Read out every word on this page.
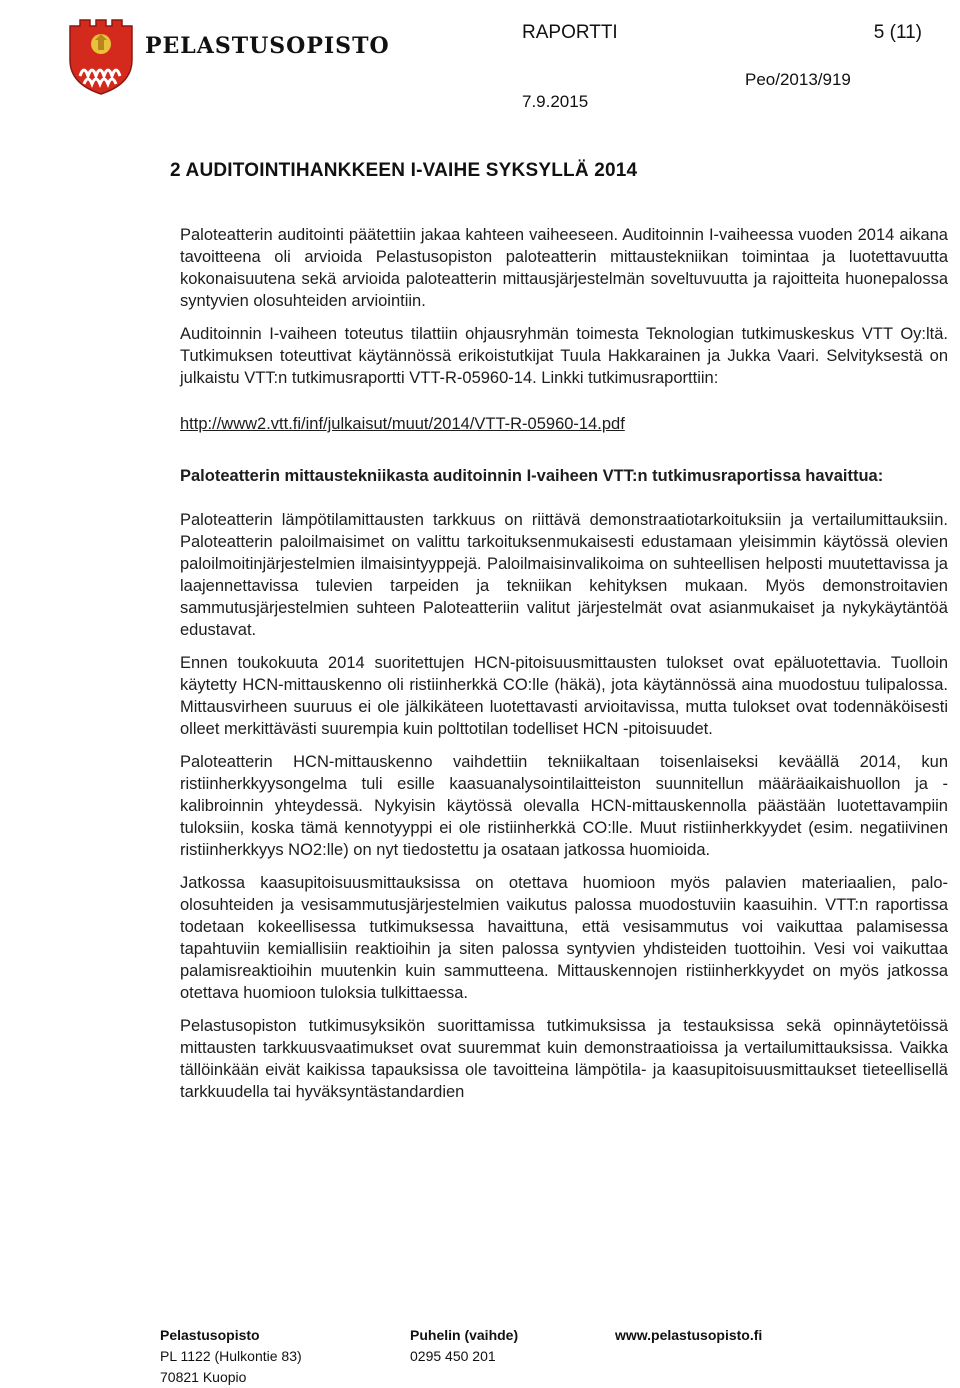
PELASTUSOPISTO
RAPORTTI	5 (11)
Peo/2013/919
7.9.2015
2 AUDITOINTIHANKKEEN I-VAIHE SYKSYLLÄ 2014

Paloteatterin auditointi päätettiin jakaa kahteen vaiheeseen. Auditoinnin I-vaiheessa vuoden 2014 aikana tavoitteena oli arvioida Pelastusopiston paloteatterin mittaustekniikan toimintaa ja luotettavuutta kokonaisuutena sekä arvioida paloteatterin mittausjärjestelmän soveltuvuutta ja rajoitteita huonepalossa syntyvien olosuhteiden arviointiin.

Auditoinnin I-vaiheen toteutus tilattiin ohjausryhmän toimesta Teknologian tutkimuskeskus VTT Oy:ltä. Tutkimuksen toteuttivat käytännössä erikoistutkijat Tuula Hakkarainen ja Jukka Vaari. Selvityksestä on julkaistu VTT:n tutkimusraportti VTT-R-05960-14. Linkki tutkimusraporttiin:

http://www2.vtt.fi/inf/julkaisut/muut/2014/VTT-R-05960-14.pdf

Paloteatterin mittaustekniikasta auditoinnin I-vaiheen VTT:n tutkimusraportissa havaittua:

Paloteatterin lämpötilamittausten tarkkuus on riittävä demonstraatiotarkoituksiin ja vertailumittauksiin. Paloteatterin paloilmaisimet on valittu tarkoituksenmukaisesti edustamaan yleisimmin käytössä olevien paloilmoitinjärjestelmien ilmaisintyyppejä. Paloilmaisinvalikoima on suhteellisen helposti muutettavissa ja laajennettavissa tulevien tarpeiden ja tekniikan kehityksen mukaan. Myös demonstroitavien sammutusjärjestelmien suhteen Paloteatteriin valitut järjestelmät ovat asianmukaiset ja nykykäytäntöä edustavat.

Ennen toukokuuta 2014 suoritettujen HCN-pitoisuusmittausten tulokset ovat epäluotettavia. Tuolloin käytetty HCN-mittauskenno oli ristiinherkkä CO:lle (häkä), jota käytännössä aina muodostuu tulipalossa. Mittausvirheen suuruus ei ole jälkikäteen luotettavasti arvioitavissa, mutta tulokset ovat todennäköisesti olleet merkittävästi suurempia kuin polttotilan todelliset HCN -pitoisuudet.

Paloteatterin HCN-mittauskenno vaihdettiin tekniikaltaan toisenlaiseksi keväällä 2014, kun ristiinherkkyysongelma tuli esille kaasuanalysointilaitteiston suunnitellun määräaikaishuollon ja -kalibroinnin yhteydessä. Nykyisin käytössä olevalla HCN-mittauskennolla päästään luotettavampiin tuloksiin, koska tämä kennotyyppi ei ole ristiinherkkä CO:lle. Muut ristiinherkkyydet (esim. negatiivinen ristiinherkkyys NO2:lle) on nyt tiedostettu ja osataan jatkossa huomioida.

Jatkossa kaasupitoisuusmittauksissa on otettava huomioon myös palavien materiaalien, palo-olosuhteiden ja vesisammutusjärjestelmien vaikutus palossa muodostuviin kaasuihin. VTT:n raportissa todetaan kokeellisessa tutkimuksessa havaittuna, että vesisammutus voi vaikuttaa palamisessa tapahtuviin kemiallisiin reaktioihin ja siten palossa syntyvien yhdisteiden tuottoihin. Vesi voi vaikuttaa palamisreaktioihin muutenkin kuin sammutteena. Mittauskennojen ristiinherkkyydet on myös jatkossa otettava huomioon tuloksia tulkittaessa.

Pelastusopiston tutkimusyksikön suorittamissa tutkimuksissa ja testauksissa sekä opinnäytetöissä mittausten tarkkuusvaatimukset ovat suuremmat kuin demonstraatioissa ja vertailumittauksissa. Vaikka tällöinkään eivät kaikissa tapauksissa ole tavoitteina lämpötila- ja kaasupitoisuusmittaukset tieteellisellä tarkkuudella tai hyväksyntästandardien

Pelastusopisto
PL 1122 (Hulkontie 83)
70821 Kuopio
Puhelin (vaihde)
0295 450 201
www.pelastusopisto.fi
